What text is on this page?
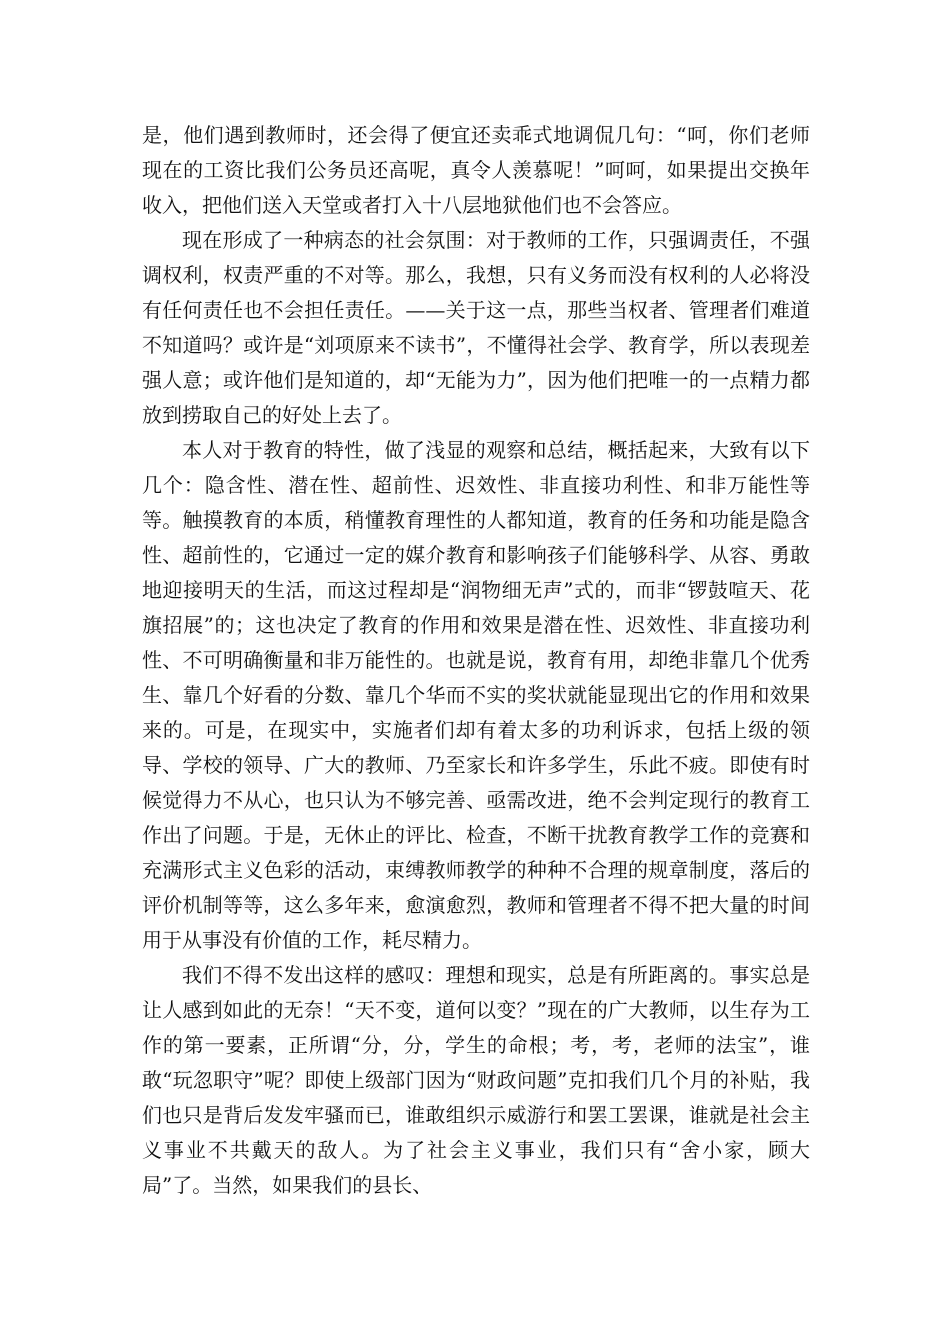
是，他们遇到教师时，还会得了便宜还卖乖式地调侃几句：“呵，你们老师现在的工资比我们公务员还高呢，真令人羡慕呢！”呵呵，如果提出交换年收入，把他们送入天堂或者打入十八层地狱他们也不会答应。

现在形成了一种病态的社会氛围：对于教师的工作，只强调责任，不强调权利，权责严重的不对等。那么，我想，只有义务而没有权利的人必将没有任何责任也不会担任责任。——关于这一点，那些当权者、管理者们难道不知道吗？或许是“刘项原来不读书”，不懂得社会学、教育学，所以表现差强人意；或许他们是知道的，却“无能为力”，因为他们把唯一的一点精力都放到捞取自己的好处上去了。

本人对于教育的特性，做了浅显的观察和总结，概括起来，大致有以下几个：隐含性、潜在性、超前性、迟效性、非直接功利性、和非万能性等等。触摸教育的本质，稍懂教育理性的人都知道，教育的任务和功能是隐含性、超前性的，它通过一定的媒介教育和影响孩子们能够科学、从容、勇敢地迎接明天的生活，而这过程却是“润物细无声”式的，而非“锣鼓喧天、花旗招展”的；这也决定了教育的作用和效果是潜在性、迟效性、非直接功利性、不可明确衡量和非万能性的。也就是说，教育有用，却绝非靠几个优秀生、靠几个好看的分数、靠几个华而不实的奖状就能显现出它的作用和效果来的。可是，在现实中，实施者们却有着太多的功利诉求，包括上级的领导、学校的领导、广大的教师、乃至家长和许多学生，乐此不疲。即使有时候觉得力不从心，也只认为不够完善、亟需改进，绝不会判定现行的教育工作出了问题。于是，无休止的评比、检查，不断干扰教育教学工作的竞赛和充满形式主义色彩的活动，束缚教师教学的种种不合理的规章制度，落后的评价机制等等，这么多年来，愈演愈烈，教师和管理者不得不把大量的时间用于从事没有价值的工作，耗尽精力。

我们不得不发出这样的感叹：理想和现实，总是有所距离的。事实总是让人感到如此的无奈！“天不变，道何以变？”现在的广大教师，以生存为工作的第一要素，正所谓“分，分，学生的命根；考，考，老师的法宝”，谁敢“玩忽职守”呢？即使上级部门因为“财政问题”克扣我们几个月的补贴，我们也只是背后发发牢骚而已，谁敢组织示威游行和罢工罢课，谁就是社会主义事业不共戴天的敌人。为了社会主义事业，我们只有“舍小家，顾大局”了。当然，如果我们的县长、
